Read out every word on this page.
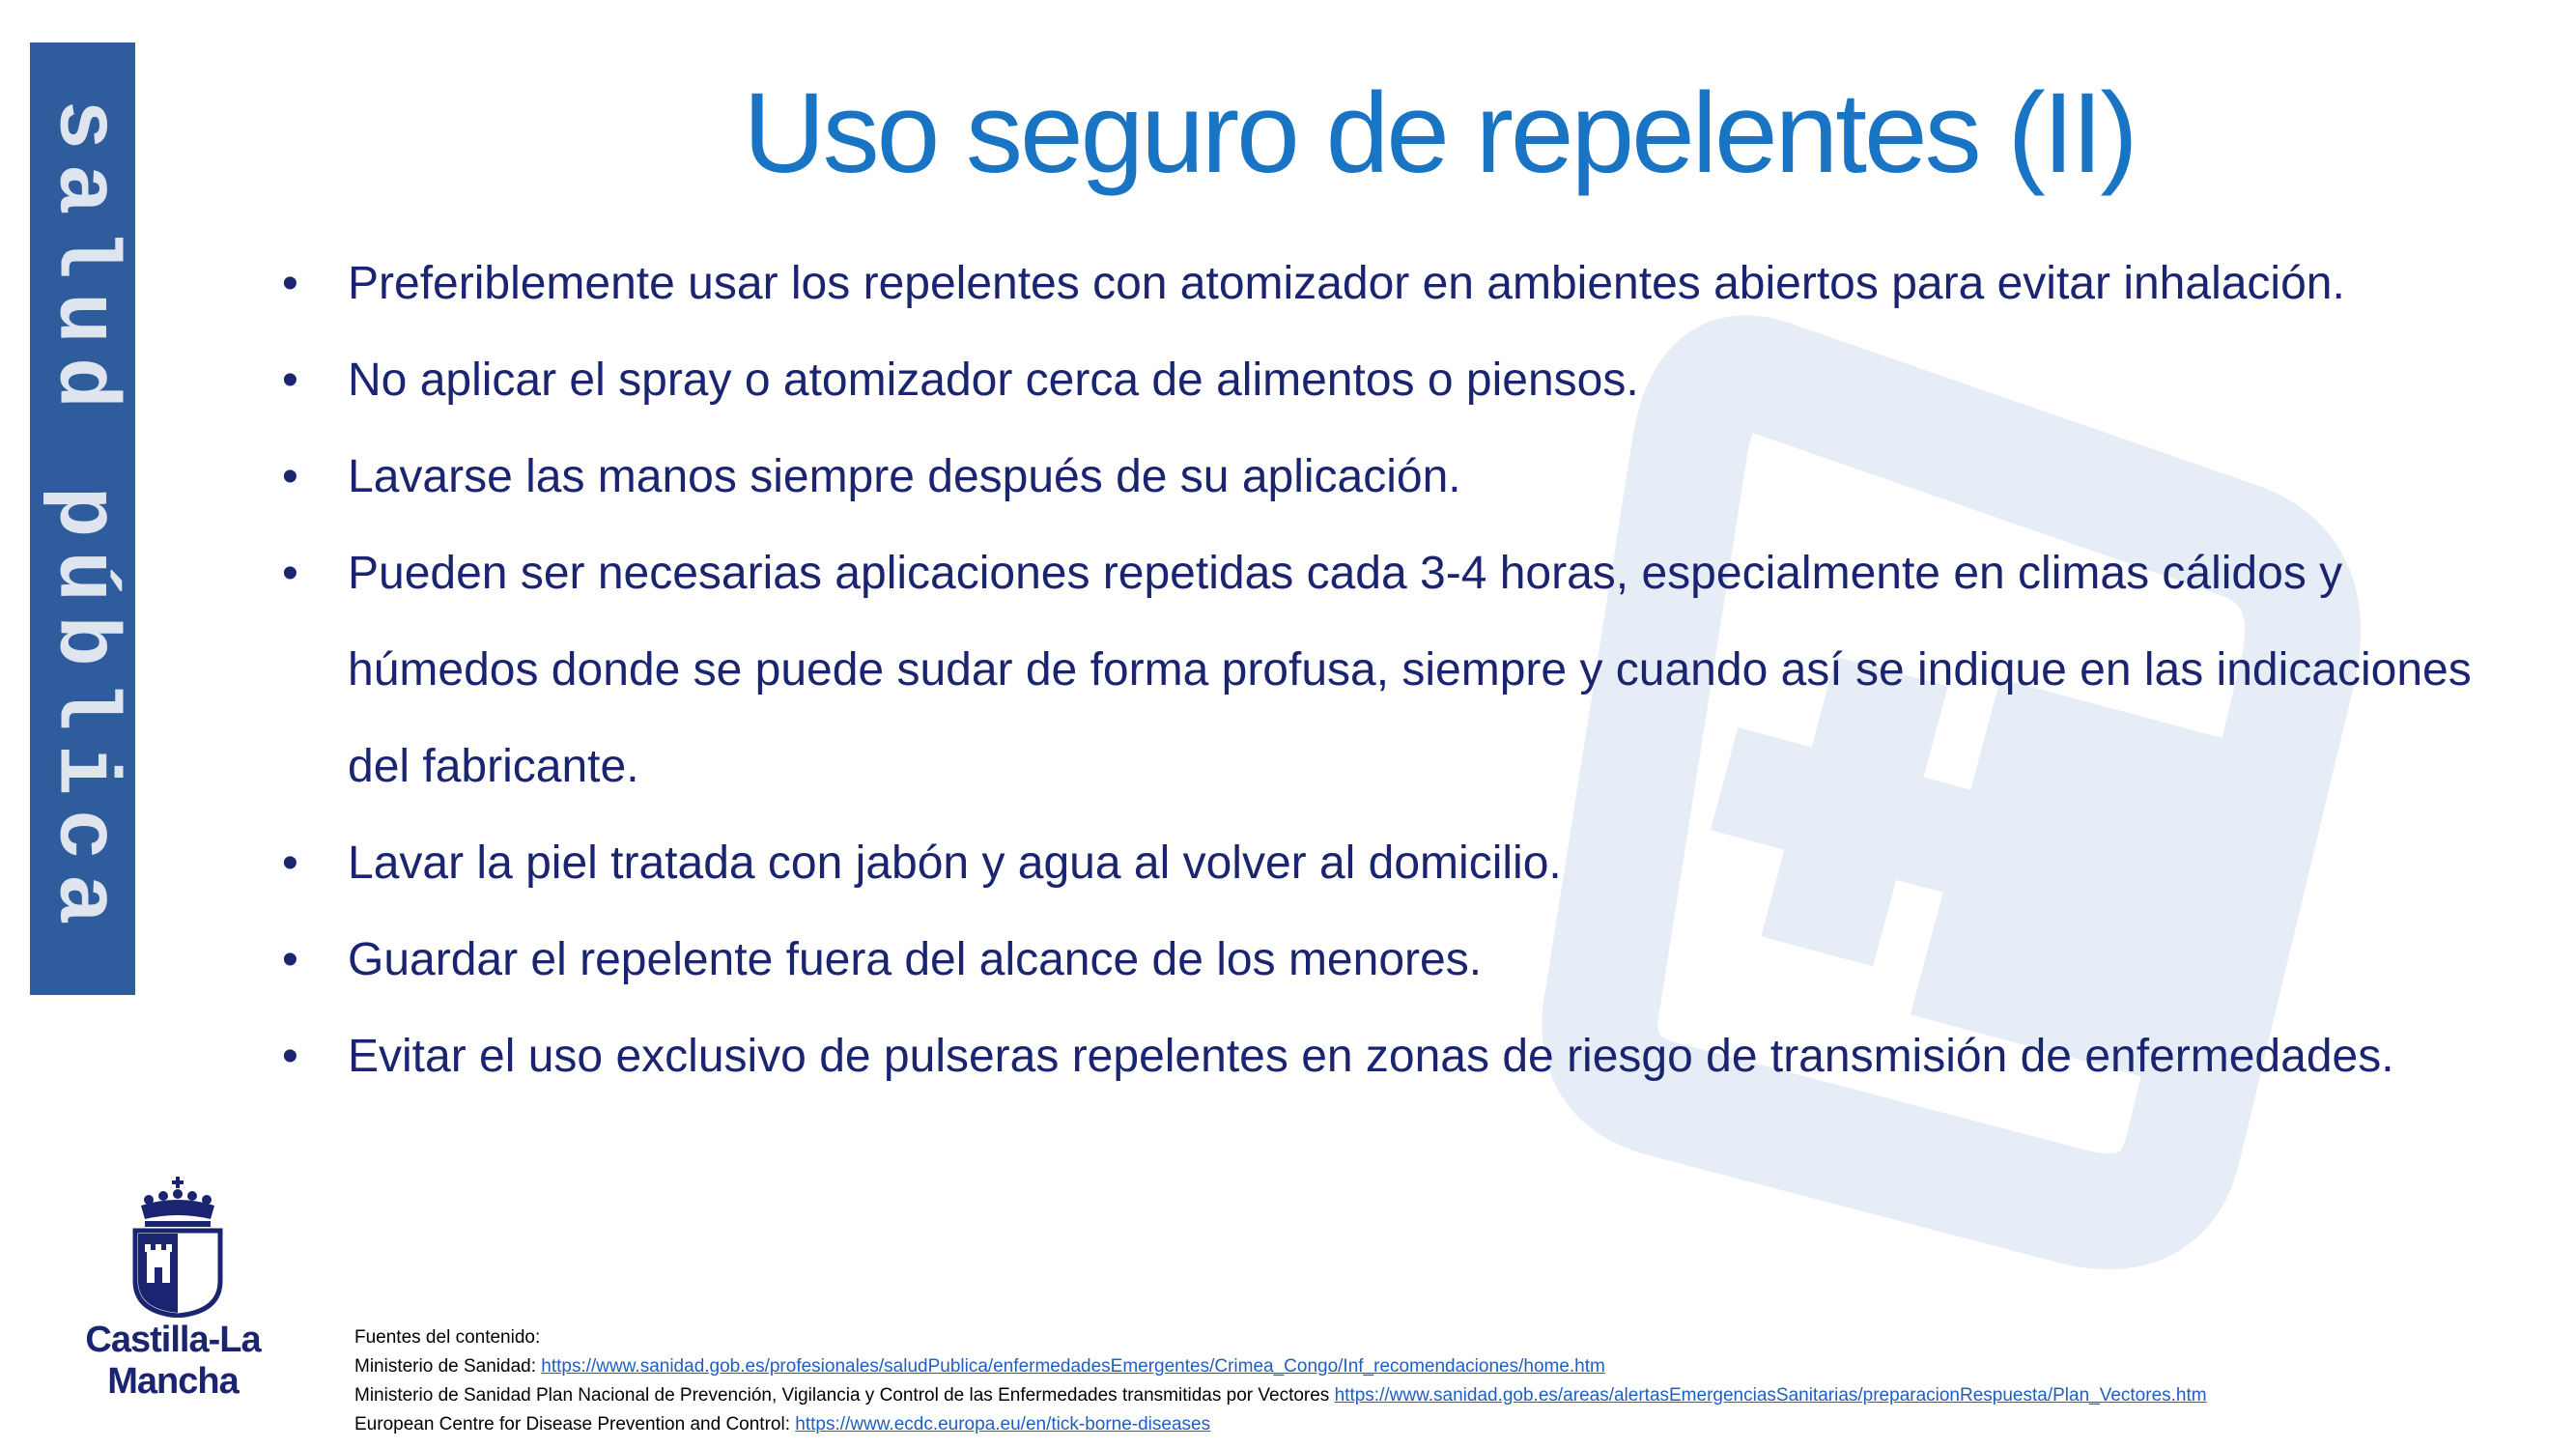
salud pública	Uso seguro de repelentes (II)
• Preferiblemente usar los repelentes con atomizador en ambientes abiertos para evitar inhalación.
• No aplicar el spray o atomizador cerca de alimentos o piensos.
• Lavarse las manos siempre después de su aplicación.
• Pueden ser necesarias aplicaciones repetidas cada 3-4 horas, especialmente en climas cálidos y húmedos donde se puede sudar de forma profusa, siempre y cuando así se indique en las indicaciones del fabricante.
• Lavar la piel tratada con jabón y agua al volver al domicilio.
• Guardar el repelente fuera del alcance de los menores.
• Evitar el uso exclusivo de pulseras repelentes en zonas de riesgo de transmisión de enfermedades.
Castilla-La Mancha
Fuentes del contenido:
Ministerio de Sanidad: https://www.sanidad.gob.es/profesionales/saludPublica/enfermedadesEmergentes/Crimea_Congo/Inf_recomendaciones/home.htm
Ministerio de Sanidad Plan Nacional de Prevención, Vigilancia y Control de las Enfermedades transmitidas por Vectores https://www.sanidad.gob.es/areas/alertasEmergenciasSanitarias/preparacionRespuesta/Plan_Vectores.htm
European Centre for Disease Prevention and Control: https://www.ecdc.europa.eu/en/tick-borne-diseases
